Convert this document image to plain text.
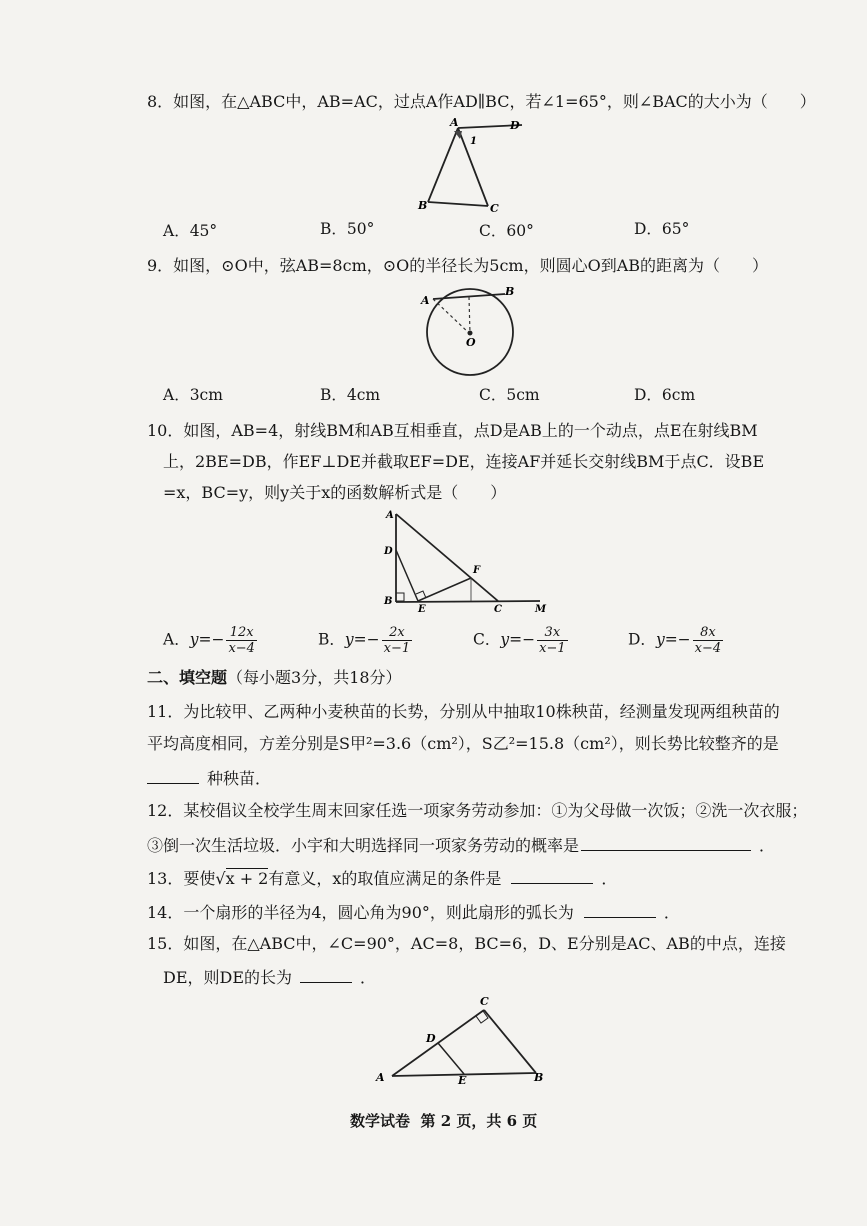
8．如图，在△ABC中，AB=AC，过点A作AD∥BC，若∠1=65°，则∠BAC的大小为（　　）
A	D
1
B	C
A．45°	B．50°	C．60°	D．65°
9．如图，⊙O中，弦AB=8cm，⊙O的半径长为5cm，则圆心O到AB的距离为（　　）
A
B
O
A．3cm	B．4cm	C．5cm	D．6cm
10．如图，AB=4，射线BM和AB互相垂直，点D是AB上的一个动点，点E在射线BM
上，2BE=DB，作EF⊥DE并截取EF=DE，连接AF并延长交射线BM于点C．设BE
=x，BC=y，则y关于x的函数解析式是（　　）
A
D
F
B
E	C	M
A．$y=- \frac{12x}{x-4}$	B．$y=- \frac{2x}{x-1}$	C．$y=- \frac{3x}{x-1}$	D．$y=- \frac{8x}{x-4}$
二、填空题（每小题3分，共18分）
11．为比较甲、乙两种小麦秧苗的长势，分别从中抽取10株秧苗，经测量发现两组秧苗的
平均高度相同，方差分别是S甲²=3.6（cm²），S乙²=15.8（cm²），则长势比较整齐的是
种秧苗．
12．某校倡议全校学生周末回家任选一项家务劳动参加：①为父母做一次饭；②洗一次衣服；
③倒一次生活垃圾．小宇和大明选择同一项家务劳动的概率是	．
13．要使√x + 2有意义，x的取值应满足的条件是	．
14．一个扇形的半径为4，圆心角为90°，则此扇形的弧长为	．
15．如图，在△ABC中，∠C=90°，AC=8，BC=6，D、E分别是AC、AB的中点，连接
DE，则DE的长为	．
C
D
A	E	B
数学试卷 第 2 页，共 6 页
